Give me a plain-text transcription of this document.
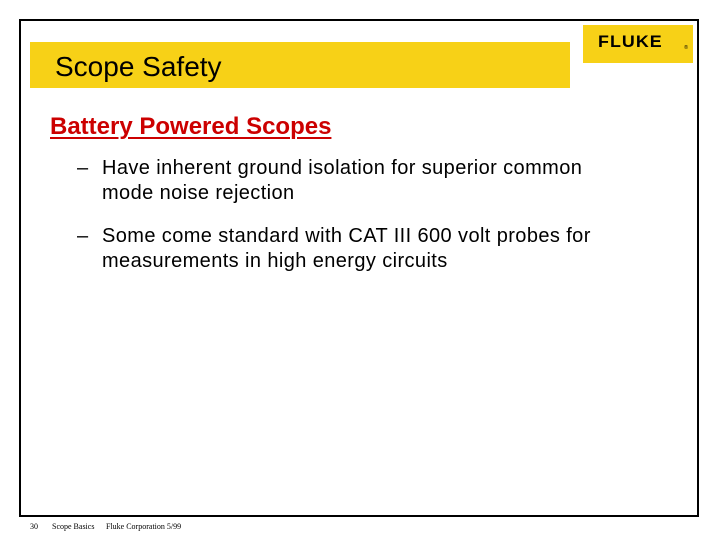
Scope Safety
FLUKE	®
Battery Powered Scopes
– Have inherent ground isolation for superior common mode noise rejection
– Some come standard with CAT III 600 volt probes for measurements in high energy circuits
30 Scope Basics Fluke Corporation 5/99
